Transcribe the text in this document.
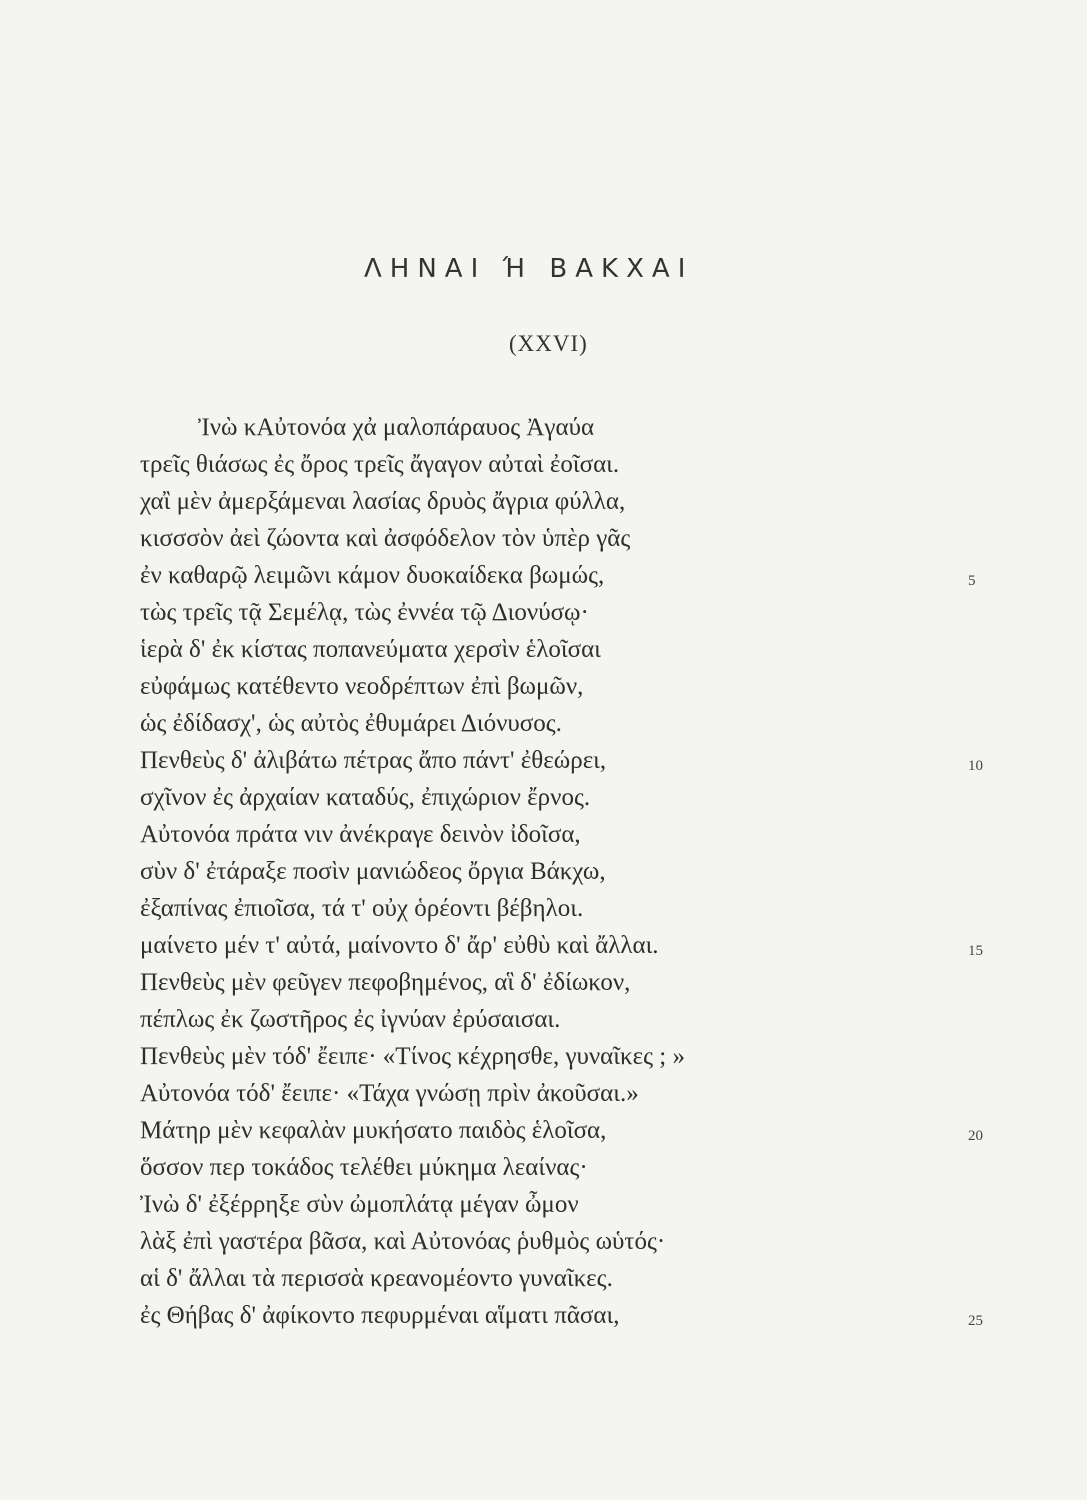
ΛΗΝΑΙ Ή ΒΑΚΧΑΙ
(XXVI)
Ἰνὼ κΑὐτονόα χἀ μαλοπάραυος Ἀγαύα
τρεῖς θιάσως ἐς ὄρος τρεῖς ἄγαγον αὐταὶ ἐοῖσαι.
χαἲ μὲν ἀμερξάμεναι λασίας δρυὸς ἄγρια φύλλα,
κισσσὸν ἀεὶ ζώοντα καὶ ἀσφόδελον τὸν ὑπὲρ γᾶς
ἐν καθαρῷ λειμῶνι κάμον δυοκαίδεκα βωμώς,	5
τὼς τρεῖς τᾷ Σεμέλᾳ, τὼς ἐννέα τῷ Διονύσῳ·
ἱερὰ δ' ἐκ κίστας ποπανεύματα χερσὶν ἑλοῖσαι
εὐφάμως κατέθεντο νεοδρέπτων ἐπὶ βωμῶν,
ὡς ἐδίδασχ', ὡς αὐτὸς ἐθυμάρει Διόνυσος.
Πενθεὺς δ' ἀλιβάτω πέτρας ἄπο πάντ' ἐθεώρει,	10
σχῖνον ἐς ἀρχαίαν καταδύς, ἐπιχώριον ἔρνος.
Αὐτονόα πράτα νιν ἀνέκραγε δεινὸν ἰδοῖσα,
σὺν δ' ἐτάραξε ποσὶν μανιώδεος ὄργια Βάκχω,
ἐξαπίνας ἐπιοῖσα, τά τ' οὐχ ὁρέοντι βέβηλοι.
μαίνετο μέν τ' αὐτά, μαίνοντο δ' ἄρ' εὐθὺ καὶ ἄλλαι.	15
Πενθεὺς μὲν φεῦγεν πεφοβημένος, αἳ δ' ἐδίωκον,
πέπλως ἐκ ζωστῆρος ἐς ἰγνύαν ἐρύσαισαι.
Πενθεὺς μὲν τόδ' ἔειπε· «Τίνος κέχρησθε, γυναῖκες ; »
Αὐτονόα τόδ' ἔειπε· «Τάχα γνώσῃ πρὶν ἀκοῦσαι.»
Μάτηρ μὲν κεφαλὰν μυκήσατο παιδὸς ἑλοῖσα,	20
ὅσσον περ τοκάδος τελέθει μύκημα λεαίνας·
Ἰνὼ δ' ἐξέρρηξε σὺν ὠμοπλάτᾳ μέγαν ὦμον
λὰξ ἐπὶ γαστέρα βᾶσα, καὶ Αὐτονόας ῥυθμὸς ωὑτός·
αἱ δ' ἄλλαι τὰ περισσὰ κρεανομέοντο γυναῖκες.
ἐς Θήβας δ' ἀφίκοντο πεφυρμέναι αἵματι πᾶσαι,	25
